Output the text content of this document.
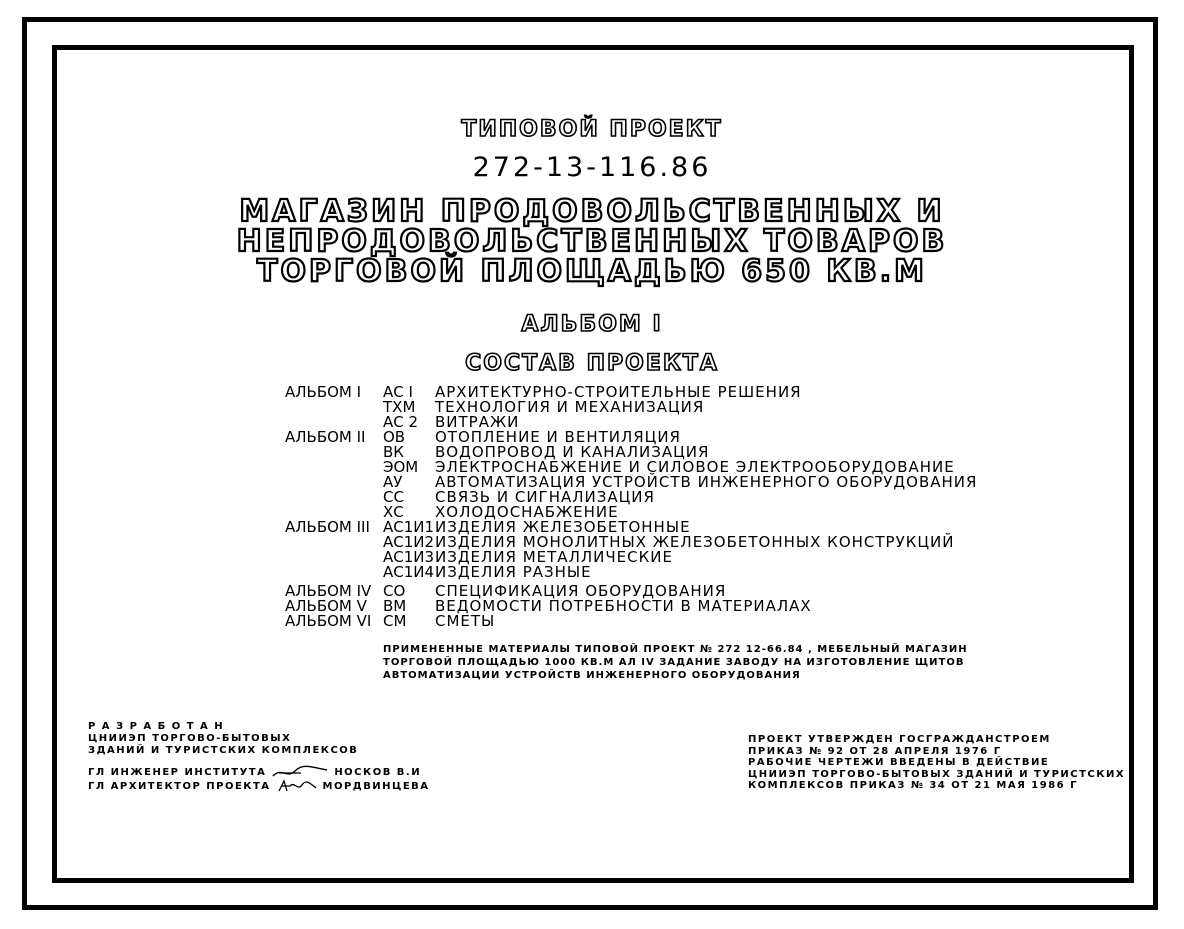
ТИПОВОЙ ПРОЕКТ
272-13-116.86
МАГАЗИН ПРОДОВОЛЬСТВЕННЫХ И
НЕПРОДОВОЛЬСТВЕННЫХ ТОВАРОВ
ТОРГОВОЙ ПЛОЩАДЬЮ 650 КВ.М
АЛЬБОМ Ι
СОСТАВ ПРОЕКТА
АЛЬБОМ Ι	АС I	АРХИТЕКТУРНО-СТРОИТЕЛЬНЫЕ РЕШЕНИЯ
ТХМ	ТЕХНОЛОГИЯ И МЕХАНИЗАЦИЯ
АС 2	ВИТРАЖИ
АЛЬБОМ ΙΙ	ОВ	ОТОПЛЕНИЕ И ВЕНТИЛЯЦИЯ
ВК	ВОДОПРОВОД И КАНАЛИЗАЦИЯ
ЭОМ	ЭЛЕКТРОСНАБЖЕНИЕ И СИЛОВОЕ ЭЛЕКТРООБОРУДОВАНИЕ
АУ	АВТОМАТИЗАЦИЯ УСТРОЙСТВ ИНЖЕНЕРНОГО ОБОРУДОВАНИЯ
СС	СВЯЗЬ И СИГНАЛИЗАЦИЯ
ХС	ХОЛОДОСНАБЖЕНИЕ
АЛЬБОМ ΙΙΙ АС1И1 ИЗДЕЛИЯ ЖЕЛЕЗОБЕТОННЫЕ
АС1И2 ИЗДЕЛИЯ МОНОЛИТНЫХ ЖЕЛЕЗОБЕТОННЫХ КОНСТРУКЦИЙ
АС1И3 ИЗДЕЛИЯ МЕТАЛЛИЧЕСКИЕ
АС1И4 ИЗДЕЛИЯ РАЗНЫЕ
АЛЬБОМ ΙV СО	СПЕЦИФИКАЦИЯ ОБОРУДОВАНИЯ
АЛЬБОМ V	ВМ	ВЕДОМОСТИ ПОТРЕБНОСТИ В МАТЕРИАЛАХ
АЛЬБОМ VΙ СМ	СМЕТЫ
ПРИМЕНЕННЫЕ МАТЕРИАЛЫ ТИПОВОЙ ПРОЕКТ № 272 12-66.84 , МЕБЕЛЬНЫЙ МАГАЗИН
ТОРГОВОЙ ПЛОЩАДЬЮ 1000 КВ.М АЛ ΙV ЗАДАНИЕ ЗАВОДУ НА ИЗГОТОВЛЕНИЕ ЩИТОВ
АВТОМАТИЗАЦИИ УСТРОЙСТВ ИНЖЕНЕРНОГО ОБОРУДОВАНИЯ
Р А З Р А Б О Т А Н
ЦНИИЭП ТОРГОВО-БЫТОВЫХ
ЗДАНИЙ И ТУРИСТСКИХ КОМПЛЕКСОВ
ГЛ ИНЖЕНЕР ИНСТИТУТА	НОСКОВ В.И
ГЛ АРХИТЕКТОР ПРОЕКТА	МОРДВИНЦЕВА
ПРОЕКТ УТВЕРЖДЕН ГОСГРАЖДАНСТРОЕМ
ПРИКАЗ № 92 ОТ 28 АПРЕЛЯ 1976 Г
РАБОЧИЕ ЧЕРТЕЖИ ВВЕДЕНЫ В ДЕЙСТВИЕ
ЦНИИЭП ТОРГОВО-БЫТОВЫХ ЗДАНИЙ И ТУРИСТСКИХ
КОМПЛЕКСОВ ПРИКАЗ № 34 ОТ 21 МАЯ 1986 Г
